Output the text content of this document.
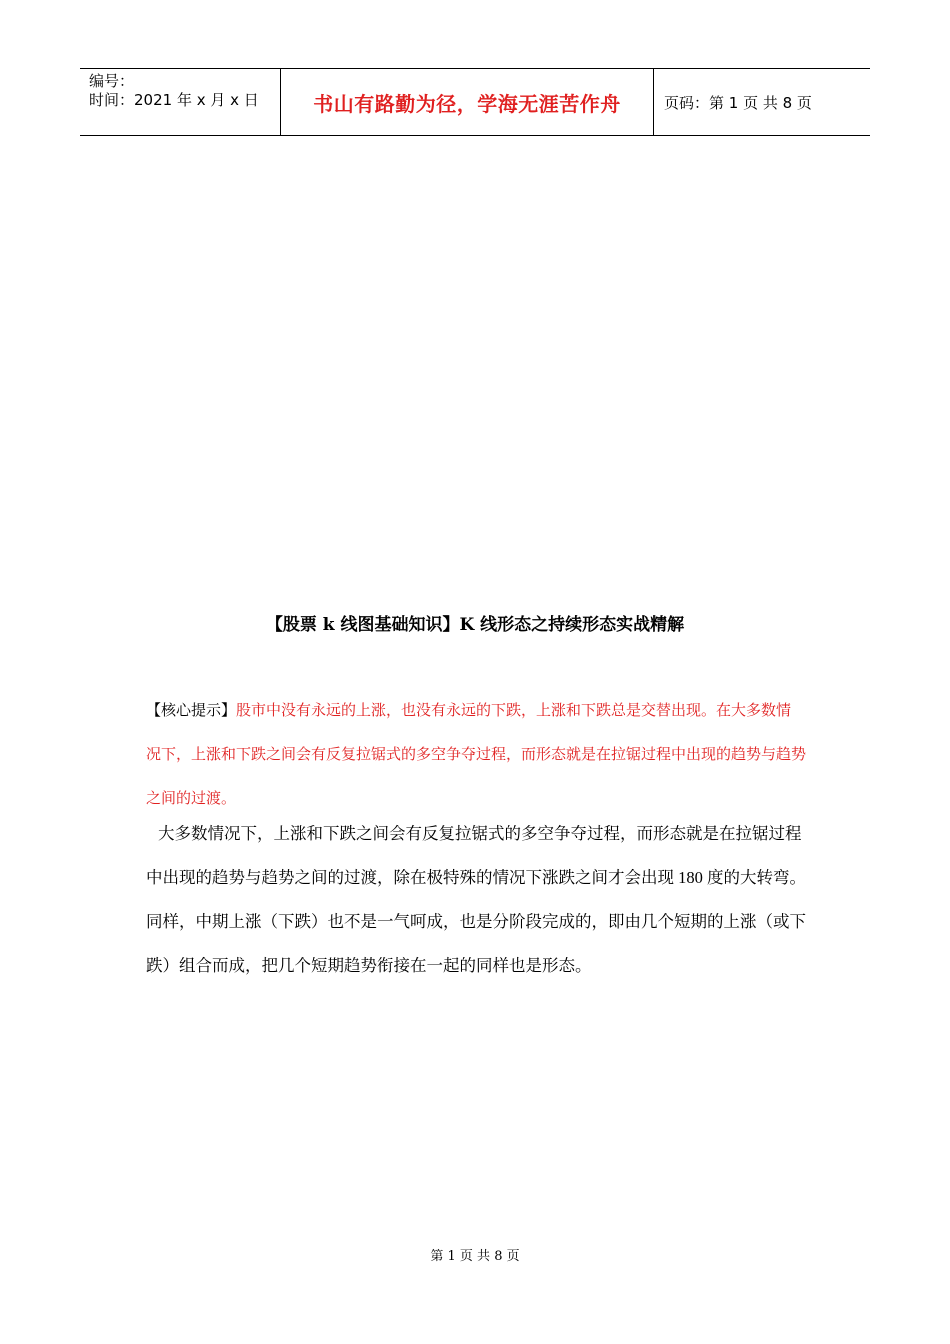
编号：
时间：2021 年 x 月 x 日	书山有路勤为径，学海无涯苦作舟	页码：第 1 页 共 8 页
【股票 k 线图基础知识】K 线形态之持续形态实战精解
【核心提示】股市中没有永远的上涨，也没有永远的下跌，上涨和下跌总是交替出现。在大多数情况下，上涨和下跌之间会有反复拉锯式的多空争夺过程，而形态就是在拉锯过程中出现的趋势与趋势之间的过渡。
大多数情况下，上涨和下跌之间会有反复拉锯式的多空争夺过程，而形态就是在拉锯过程中出现的趋势与趋势之间的过渡，除在极特殊的情况下涨跌之间才会出现 180 度的大转弯。同样，中期上涨（下跌）也不是一气呵成，也是分阶段完成的，即由几个短期的上涨（或下跌）组合而成，把几个短期趋势衔接在一起的同样也是形态。
第 1 页 共 8 页
